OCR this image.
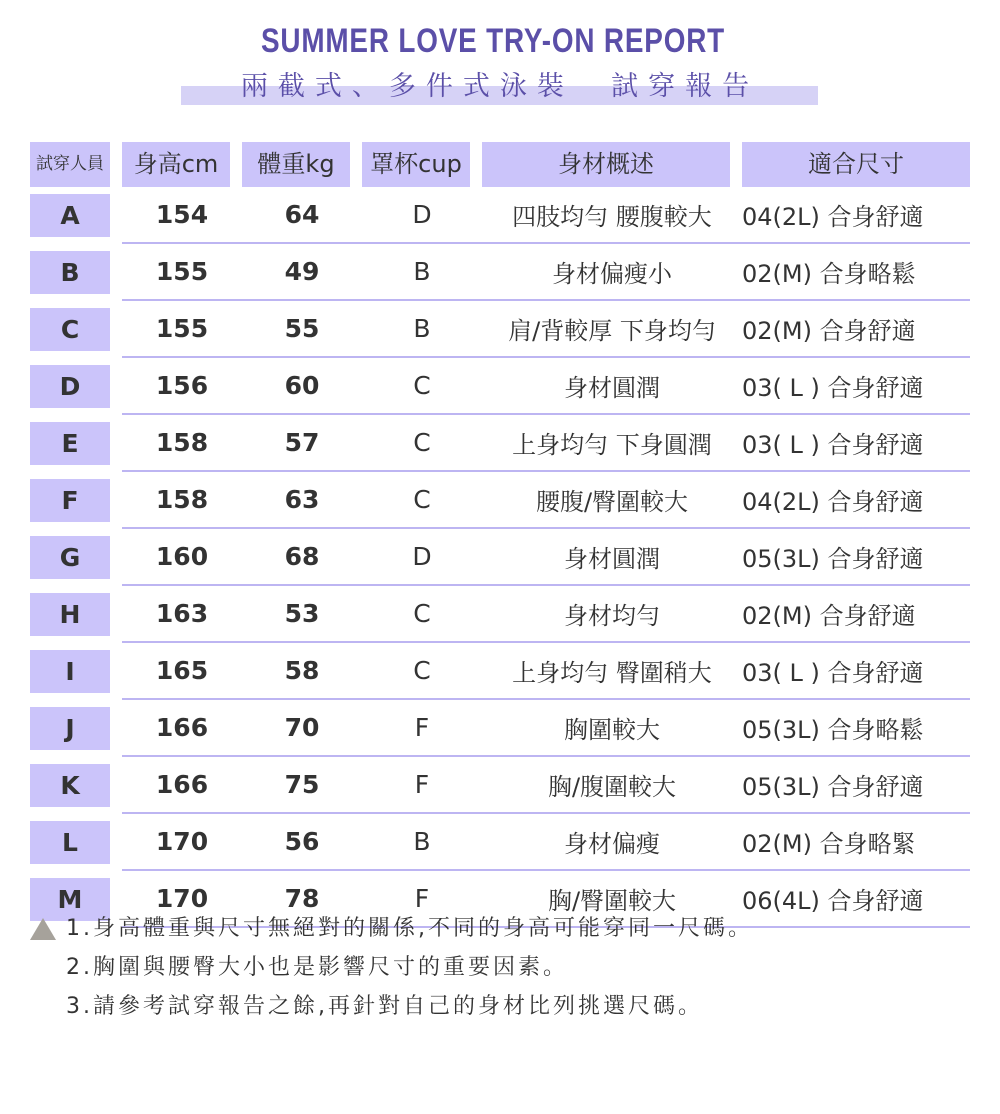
SUMMER LOVE TRY-ON REPORT
兩截式、多件式泳裝  試穿報告
試穿人員	身高cm	體重kg	罩杯cup	身材概述	適合尺寸

A	154	64	D	四肢均勻 腰腹較大	04(2L) 合身舒適

B	155	49	B	身材偏瘦小	02(M) 合身略鬆

C	155	55	B	肩/背較厚 下身均勻	02(M) 合身舒適

D	156	60	C	身材圓潤	03( L ) 合身舒適

E	158	57	C	上身均勻 下身圓潤	03( L ) 合身舒適

F	158	63	C	腰腹/臀圍較大	04(2L) 合身舒適

G	160	68	D	身材圓潤	05(3L) 合身舒適

H	163	53	C	身材均勻	02(M) 合身舒適

I	165	58	C	上身均勻 臀圍稍大	03( L ) 合身舒適

J	166	70	F	胸圍較大	05(3L) 合身略鬆

K	166	75	F	胸/腹圍較大	05(3L) 合身舒適

L	170	56	B	身材偏瘦	02(M) 合身略緊

M	170	78	F	胸/臀圍較大	06(4L) 合身舒適
1.身高體重與尺寸無絕對的關係,不同的身高可能穿同一尺碼。
2.胸圍與腰臀大小也是影響尺寸的重要因素。
3.請參考試穿報告之餘,再針對自己的身材比列挑選尺碼。
